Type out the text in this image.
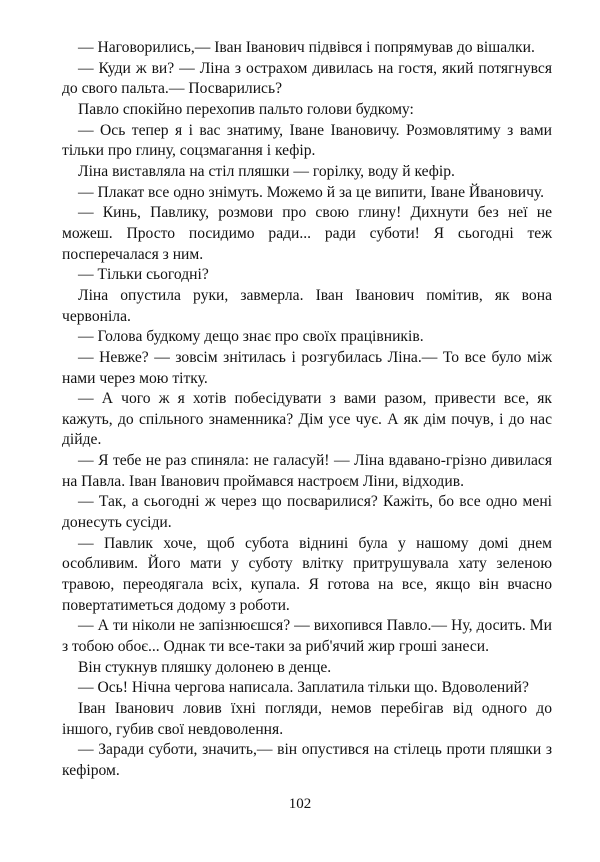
— Наговорились,— Іван Іванович підвівся і попрямував до вішалки.

— Куди ж ви? — Ліна з острахом дивилась на гостя, який потягнувся до свого пальта.— Посварились?

Павло спокійно перехопив пальто голови будкому:

— Ось тепер я і вас знатиму, Іване Івановичу. Розмовлятиму з вами тільки про глину, соцзмагання і кефір.

Ліна виставляла на стіл пляшки — горілку, воду й кефір.

— Плакат все одно знімуть. Можемо й за це випити, Іване Йвановичу.

— Кинь, Павлику, розмови про свою глину! Дихнути без неї не можеш. Просто посидимо ради... ради суботи! Я сьогодні теж посперечалася з ним.

— Тільки сьогодні?

Ліна опустила руки, завмерла. Іван Іванович помітив, як вона червоніла.

— Голова будкому дещо знає про своїх працівників.

— Невже? — зовсім знітилась і розгубилась Ліна.— То все було між нами через мою тітку.

— А чого ж я хотів побесідувати з вами разом, привести все, як кажуть, до спільного знаменника? Дім усе чує. А як дім почув, і до нас дійде.

— Я тебе не раз спиняла: не галасуй! — Ліна вдавано-грізно дивилася на Павла. Іван Іванович проймався настроєм Ліни, відходив.

— Так, а сьогодні ж через що посварилися? Кажіть, бо все одно мені донесуть сусіди.

— Павлик хоче, щоб субота віднині була у нашому домі днем особливим. Його мати у суботу влітку притрушувала хату зеленою травою, переодягала всіх, купала. Я готова на все, якщо він вчасно повертатиметься додому з роботи.

— А ти ніколи не запізнюєшся? — вихопився Павло.— Ну, досить. Ми з тобою обоє... Однак ти все-таки за риб'ячий жир гроші занеси.

Він стукнув пляшку долонею в денце.

— Ось! Нічна чергова написала. Заплатила тільки що. Вдоволений?

Іван Іванович ловив їхні погляди, немов перебігав від одного до іншого, губив свої невдоволення.

— Заради суботи, значить,— він опустився на стілець проти пляшки з кефіром.

102
